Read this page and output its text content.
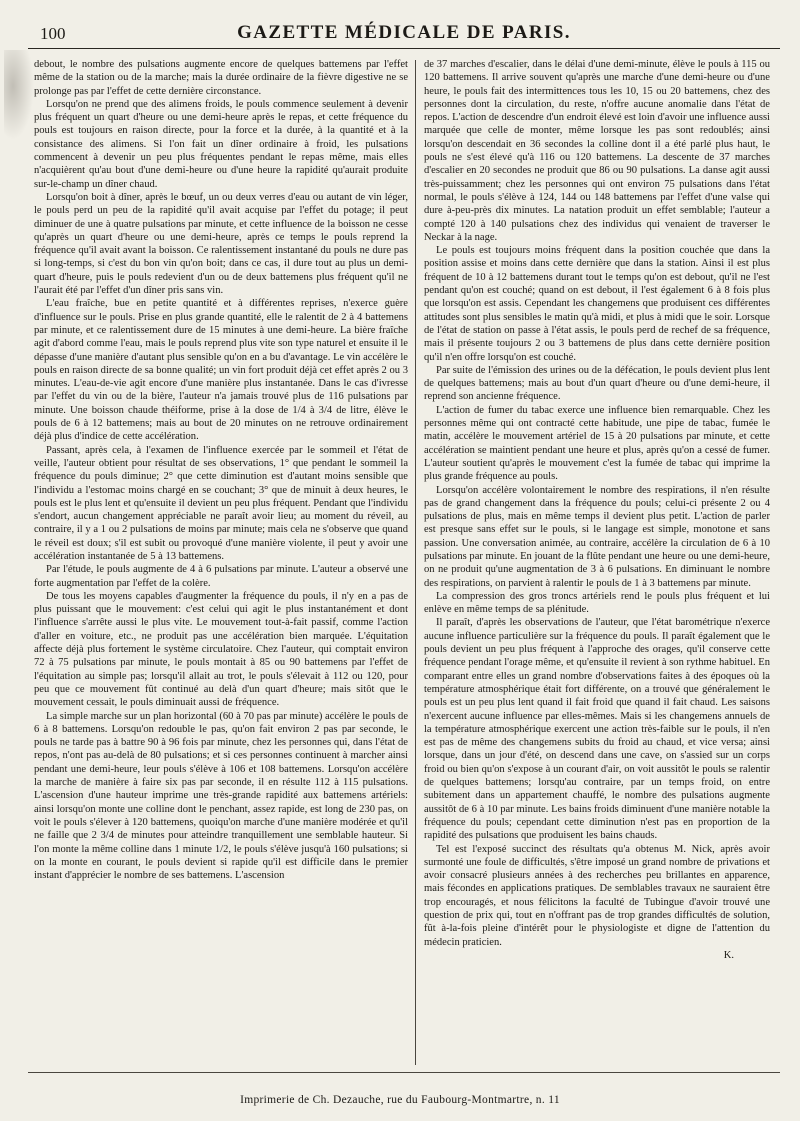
100	GAZETTE MÉDICALE DE PARIS.

debout, le nombre des pulsations augmente encore de quelques battemens par l'effet même de la station ou de la marche; mais la durée ordinaire de la fièvre digestive ne se prolonge pas par l'effet de cette dernière circonstance.

Lorsqu'on ne prend que des alimens froids, le pouls commence seulement à devenir plus fréquent un quart d'heure ou une demi-heure après le repas, et cette fréquence du pouls est toujours en raison directe, pour la force et la durée, à la quantité et à la consistance des alimens. Si l'on fait un dîner ordinaire à froid, les pulsations commencent à devenir un peu plus fréquentes pendant le repas même, mais elles n'acquièrent qu'au bout d'une demi-heure ou d'une heure la rapidité qu'aurait produite sur-le-champ un dîner chaud.

Lorsqu'on boit à dîner, après le bœuf, un ou deux verres d'eau ou autant de vin léger, le pouls perd un peu de la rapidité qu'il avait acquise par l'effet du potage; il peut diminuer de une à quatre pulsations par minute, et cette influence de la boisson ne cesse qu'après un quart d'heure ou une demi-heure, après ce temps le pouls reprend la fréquence qu'il avait avant la boisson. Ce ralentissement instantané du pouls ne dure pas si long-temps, si c'est du bon vin qu'on boit; dans ce cas, il dure tout au plus un demi-quart d'heure, puis le pouls redevient d'un ou de deux battemens plus fréquent qu'il ne l'aurait été par l'effet d'un dîner pris sans vin.

L'eau fraîche, bue en petite quantité et à différentes reprises, n'exerce guère d'influence sur le pouls. Prise en plus grande quantité, elle le ralentit de 2 à 4 battemens par minute, et ce ralentissement dure de 15 minutes à une demi-heure. La bière fraîche agit d'abord comme l'eau, mais le pouls reprend plus vite son type naturel et ensuite il le dépasse d'une manière d'autant plus sensible qu'on en a bu d'avantage. Le vin accélère le pouls en raison directe de sa bonne qualité; un vin fort produit déjà cet effet après 2 ou 3 minutes. L'eau-de-vie agit encore d'une manière plus instantanée. Dans le cas d'ivresse par l'effet du vin ou de la bière, l'auteur n'a jamais trouvé plus de 116 pulsations par minute. Une boisson chaude théiforme, prise à la dose de 1/4 à 3/4 de litre, élève le pouls de 6 à 12 battemens; mais au bout de 20 minutes on ne retrouve ordinairement déjà plus d'indice de cette accélération.

Passant, après cela, à l'examen de l'influence exercée par le sommeil et l'état de veille, l'auteur obtient pour résultat de ses observations, 1° que pendant le sommeil la fréquence du pouls diminue; 2° que cette diminution est d'autant moins sensible que l'individu a l'estomac moins chargé en se couchant; 3° que de minuit à deux heures, le pouls est le plus lent et qu'ensuite il devient un peu plus fréquent. Pendant que l'individu s'endort, aucun changement appréciable ne paraît avoir lieu; au moment du réveil, au contraire, il y a 1 ou 2 pulsations de moins par minute; mais cela ne s'observe que quand le réveil est doux; s'il est subit ou provoqué d'une manière violente, il peut y avoir une accélération instantanée de 5 à 13 battemens.

Par l'étude, le pouls augmente de 4 à 6 pulsations par minute. L'auteur a observé une forte augmentation par l'effet de la colère.

De tous les moyens capables d'augmenter la fréquence du pouls, il n'y en a pas de plus puissant que le mouvement: c'est celui qui agit le plus instantanément et dont l'influence s'arrête aussi le plus vite. Le mouvement tout-à-fait passif, comme l'action d'aller en voiture, etc., ne produit pas une accélération bien marquée. L'équitation affecte déjà plus fortement le système circulatoire. Chez l'auteur, qui comptait environ 72 à 75 pulsations par minute, le pouls montait à 85 ou 90 battemens par l'effet de l'équitation au simple pas; lorsqu'il allait au trot, le pouls s'élevait à 112 ou 120, pour peu que ce mouvement fût continué au delà d'un quart d'heure; mais sitôt que le mouvement cessait, le pouls diminuait aussi de fréquence.

La simple marche sur un plan horizontal (60 à 70 pas par minute) accélère le pouls de 6 à 8 battemens. Lorsqu'on redouble le pas, qu'on fait environ 2 pas par seconde, le pouls ne tarde pas à battre 90 à 96 fois par minute, chez les personnes qui, dans l'état de repos, n'ont pas au-delà de 80 pulsations; et si ces personnes continuent à marcher ainsi pendant une demi-heure, leur pouls s'élève à 106 et 108 battemens. Lorsqu'on accélère la marche de manière à faire six pas par seconde, il en résulte 112 à 115 pulsations. L'ascension d'une hauteur imprime une très-grande rapidité aux battemens artériels: ainsi lorsqu'on monte une colline dont le penchant, assez rapide, est long de 230 pas, on voit le pouls s'élever à 120 battemens, quoiqu'on marche d'une manière modérée et qu'il ne faille que 2 3/4 de minutes pour atteindre tranquillement une semblable hauteur. Si l'on monte la même colline dans 1 minute 1/2, le pouls s'élève jusqu'à 160 pulsations; si on la monte en courant, le pouls devient si rapide qu'il est difficile dans le premier instant d'apprécier le nombre de ses battemens. L'ascension

de 37 marches d'escalier, dans le délai d'une demi-minute, élève le pouls à 115 ou 120 battemens. Il arrive souvent qu'après une marche d'une demi-heure ou d'une heure, le pouls fait des intermittences tous les 10, 15 ou 20 battemens, chez des personnes dont la circulation, du reste, n'offre aucune anomalie dans l'état de repos. L'action de descendre d'un endroit élevé est loin d'avoir une influence aussi marquée que celle de monter, même lorsque les pas sont redoublés; ainsi lorsqu'on descendait en 36 secondes la colline dont il a été parlé plus haut, le pouls ne s'est élevé qu'à 116 ou 120 battemens. La descente de 37 marches d'escalier en 20 secondes ne produit que 86 ou 90 pulsations. La danse agit aussi très-puissamment; chez les personnes qui ont environ 75 pulsations dans l'état normal, le pouls s'élève à 124, 144 ou 148 battemens par l'effet d'une valse qui dure à-peu-près dix minutes. La natation produit un effet semblable; l'auteur a compté 120 à 140 pulsations chez des individus qui venaient de traverser le Neckar à la nage.

Le pouls est toujours moins fréquent dans la position couchée que dans la position assise et moins dans cette dernière que dans la station. Ainsi il est plus fréquent de 10 à 12 battemens durant tout le temps qu'on est debout, qu'il ne l'est pendant qu'on est couché; quand on est debout, il l'est également 6 à 8 fois plus que lorsqu'on est assis. Cependant les changemens que produisent ces différentes attitudes sont plus sensibles le matin qu'à midi, et plus à midi que le soir. Lorsque de l'état de station on passe à l'état assis, le pouls perd de rechef de sa fréquence, mais il présente toujours 2 ou 3 battemens de plus dans cette dernière position qu'il n'en offre lorsqu'on est couché.

Par suite de l'émission des urines ou de la défécation, le pouls devient plus lent de quelques battemens; mais au bout d'un quart d'heure ou d'une demi-heure, il reprend son ancienne fréquence.

L'action de fumer du tabac exerce une influence bien remarquable. Chez les personnes même qui ont contracté cette habitude, une pipe de tabac, fumée le matin, accélère le mouvement artériel de 15 à 20 pulsations par minute, et cette accélération se maintient pendant une heure et plus, après qu'on a cessé de fumer. L'auteur soutient qu'après le mouvement c'est la fumée de tabac qui imprime la plus grande fréquence au pouls.

Lorsqu'on accélère volontairement le nombre des respirations, il n'en résulte pas de grand changement dans la fréquence du pouls; celui-ci présente 2 ou 4 pulsations de plus, mais en même temps il devient plus petit. L'action de parler est presque sans effet sur le pouls, si le langage est simple, monotone et sans passion. Une conversation animée, au contraire, accélère la circulation de 6 à 10 pulsations par minute. En jouant de la flûte pendant une heure ou une demi-heure, on ne produit qu'une augmentation de 3 à 6 pulsations. En diminuant le nombre des respirations, on parvient à ralentir le pouls de 1 à 3 battemens par minute.

La compression des gros troncs artériels rend le pouls plus fréquent et lui enlève en même temps de sa plénitude.

Il paraît, d'après les observations de l'auteur, que l'état barométrique n'exerce aucune influence particulière sur la fréquence du pouls. Il paraît également que le pouls devient un peu plus fréquent à l'approche des orages, qu'il conserve cette fréquence pendant l'orage même, et qu'ensuite il revient à son rythme habituel. En comparant entre elles un grand nombre d'observations faites à des époques où la température atmosphérique était fort différente, on a trouvé que généralement le pouls est un peu plus lent quand il fait froid que quand il fait chaud. Les saisons n'exercent aucune influence par elles-mêmes. Mais si les changemens annuels de la température atmosphérique exercent une action très-faible sur le pouls, il n'en est pas de même des changemens subits du froid au chaud, et vice versa; ainsi lorsque, dans un jour d'été, on descend dans une cave, on s'assied sur un corps froid ou bien qu'on s'expose à un courant d'air, on voit aussitôt le pouls se ralentir de quelques battemens; lorsqu'au contraire, par un temps froid, on entre subitement dans un appartement chauffé, le nombre des pulsations augmente aussitôt de 6 à 10 par minute. Les bains froids diminuent d'une manière notable la fréquence du pouls; cependant cette diminution n'est pas en proportion de la rapidité des pulsations que produisent les bains chauds.

Tel est l'exposé succinct des résultats qu'a obtenus M. Nick, après avoir surmonté une foule de difficultés, s'être imposé un grand nombre de privations et avoir consacré plusieurs années à des recherches peu brillantes en apparence, mais fécondes en applications pratiques. De semblables travaux ne sauraient être trop encouragés, et nous félicitons la faculté de Tubingue d'avoir trouvé une question de prix qui, tout en n'offrant pas de trop grandes difficultés de solution, fût à-la-fois pleine d'intérêt pour le physiologiste et digne de l'attention du médecin praticien.

K.

Imprimerie de Ch. Dezauche, rue du Faubourg-Montmartre, n. 11
